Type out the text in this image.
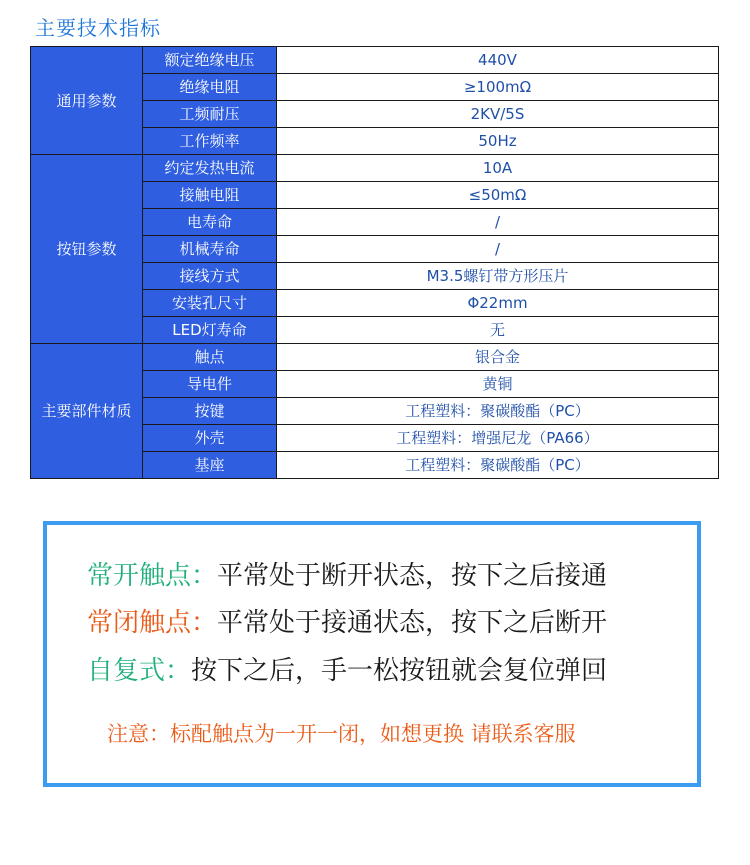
主要技术指标
通用参数	额定绝缘电压	440V
	绝缘电阻	≥100mΩ
	工频耐压	2KV/5S
	工作频率	50Hz
按钮参数	约定发热电流	10A
	接触电阻	≤50mΩ
	电寿命	/
	机械寿命	/
	接线方式	M3.5螺钉带方形压片
	安装孔尺寸	Φ22mm
	LED灯寿命	无
主要部件材质	触点	银合金
	导电件	黄铜
	按键	工程塑料：聚碳酸酯（PC）
	外壳	工程塑料：增强尼龙（PA66）
	基座	工程塑料：聚碳酸酯（PC）
常开触点：平常处于断开状态，按下之后接通
常闭触点：平常处于接通状态，按下之后断开
自复式：按下之后，手一松按钮就会复位弹回
注意：标配触点为一开一闭，如想更换 请联系客服
